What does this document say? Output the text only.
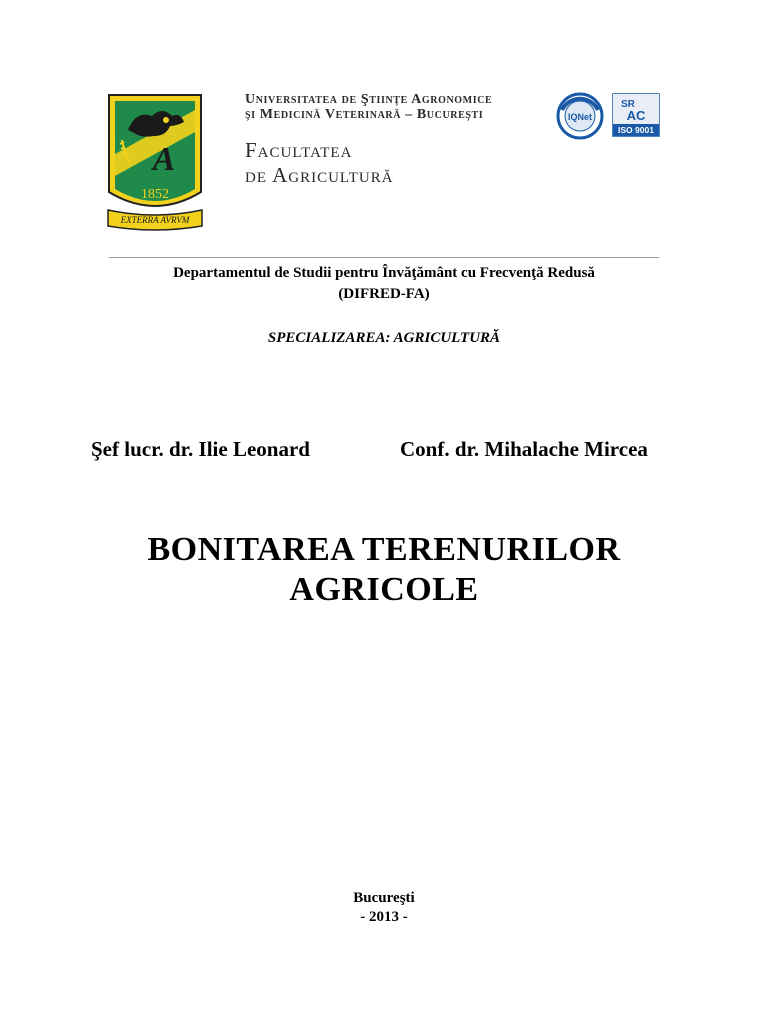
A
1852
EXTERRA AVRVM
Universitatea de Ştiinţe Agronomice
şi Medicină Veterinară – Bucureşti
Facultatea
de Agricultură
IQNet
SR
AC
ISO 9001
Departamentul de Studii pentru Învăţământ cu Frecvenţă Redusă
(DIFRED-FA)
SPECIALIZAREA: AGRICULTURĂ
Şef lucr. dr. Ilie Leonard	Conf. dr. Mihalache Mircea
BONITAREA TERENURILOR
AGRICOLE
Bucureşti
- 2013 -
